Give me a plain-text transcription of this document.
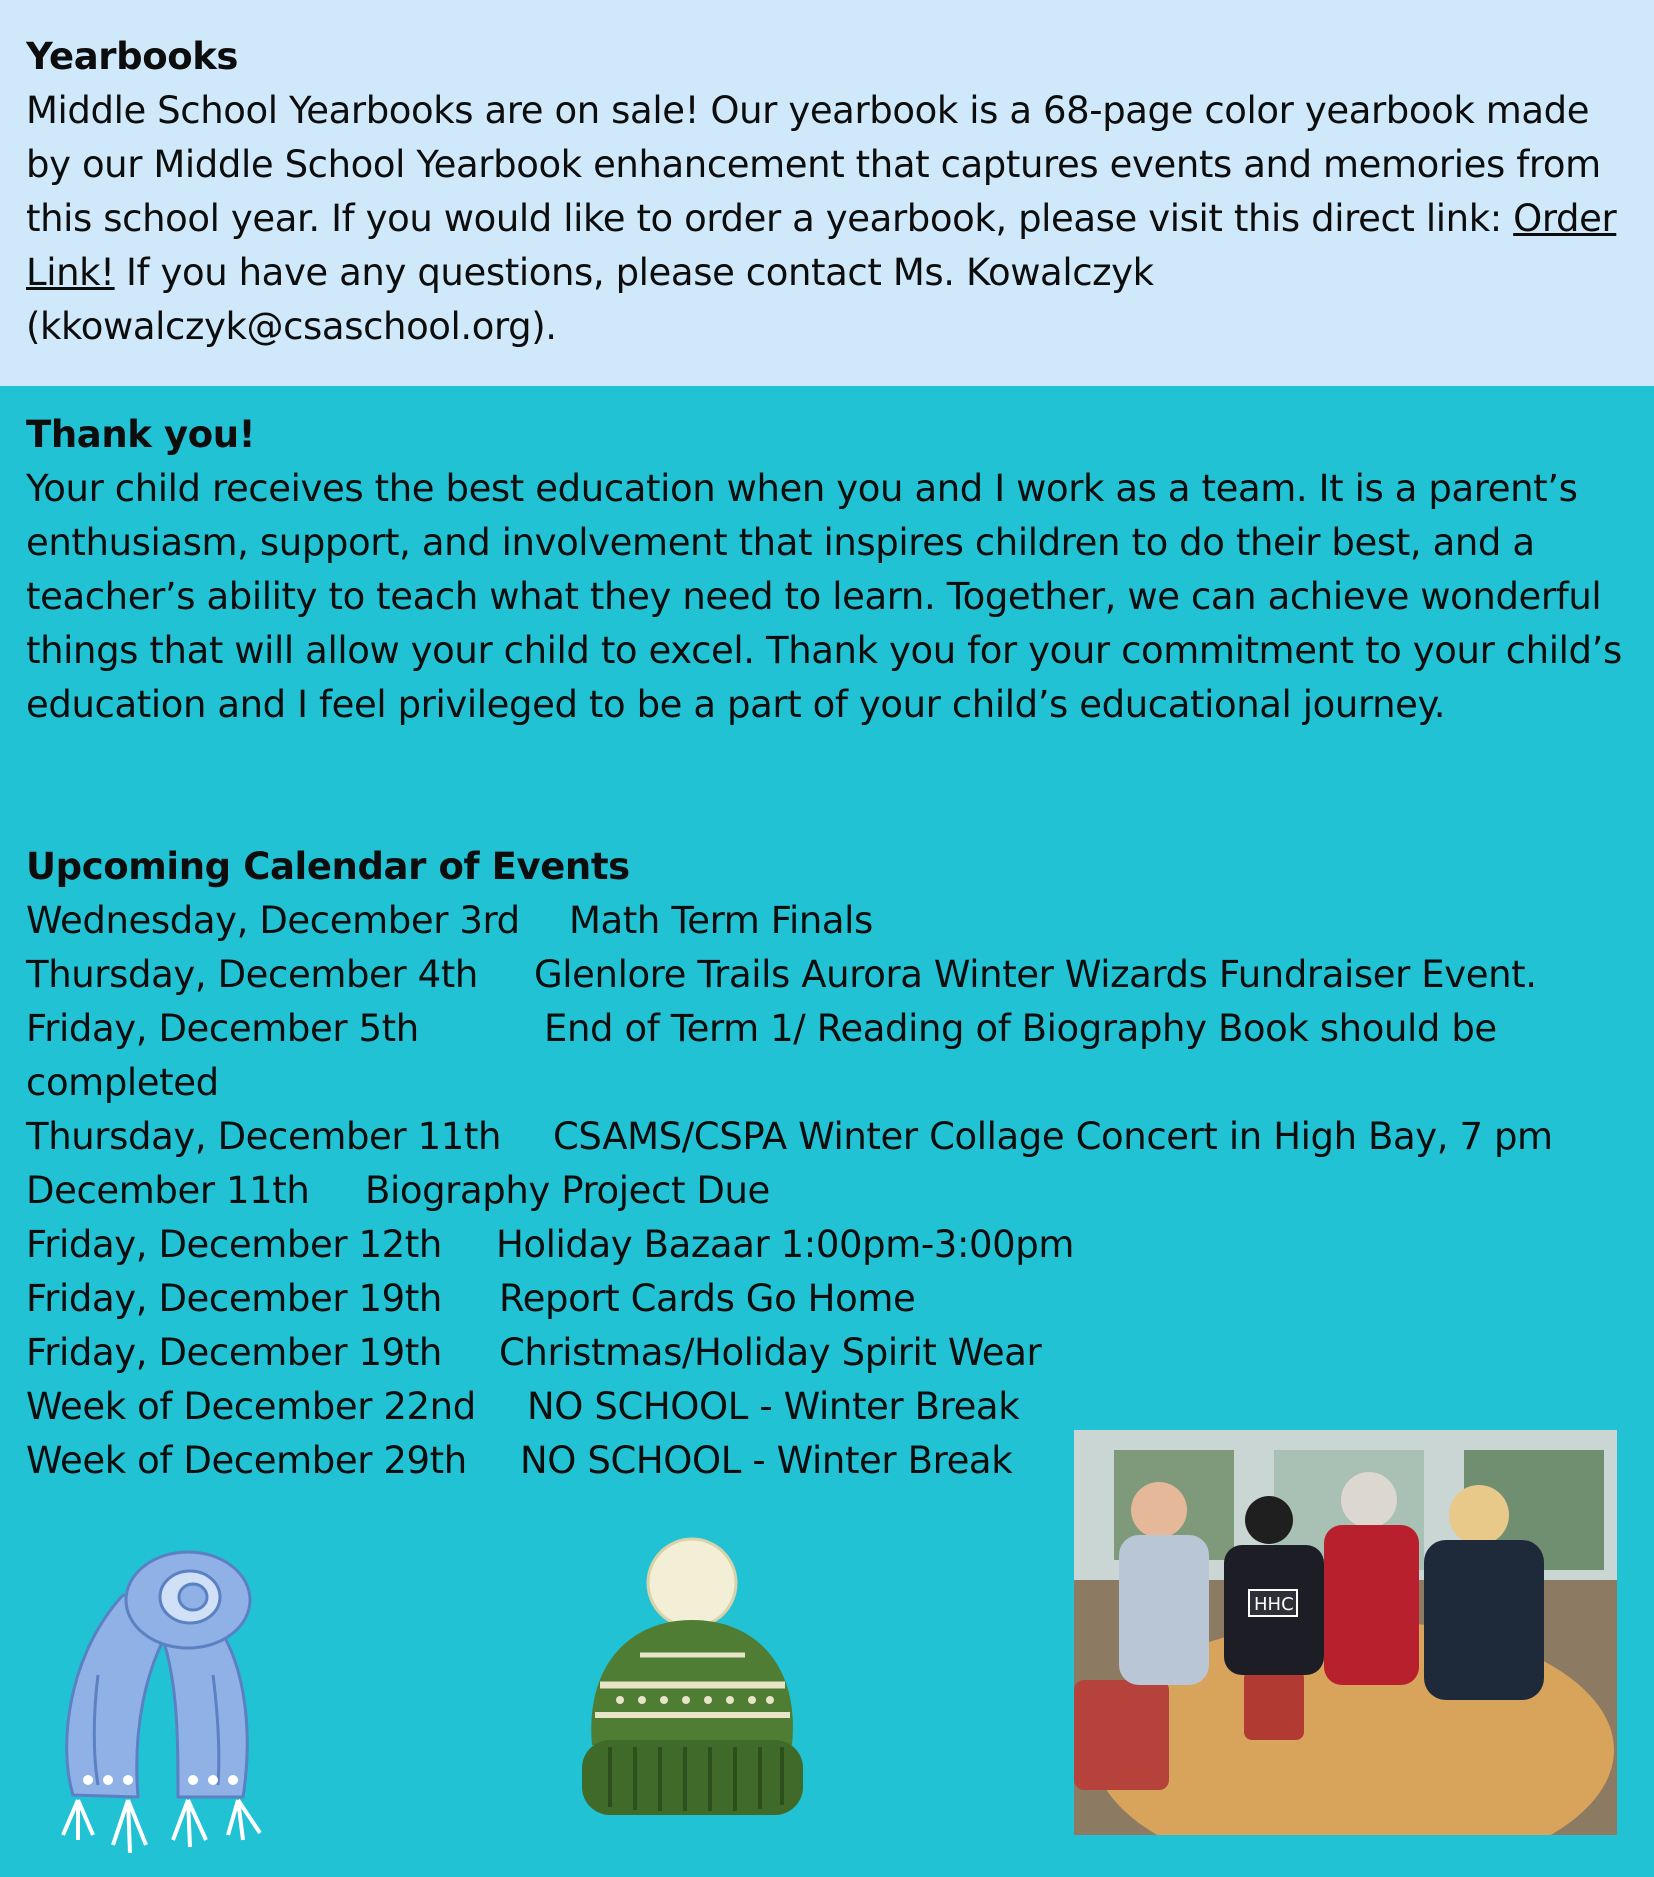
Yearbooks
Middle School Yearbooks are on sale! Our yearbook is a 68-page color yearbook made by our Middle School Yearbook enhancement that captures events and memories from this school year. If you would like to order a yearbook, please visit this direct link: Order Link! If you have any questions, please contact Ms. Kowalczyk (kkowalczyk@csaschool.org).

Thank you!
Your child receives the best education when you and I work as a team. It is a parent’s enthusiasm, support, and involvement that inspires children to do their best, and a teacher’s ability to teach what they need to learn. Together, we can achieve wonderful things that will allow your child to excel. Thank you for your commitment to your child’s education and I feel privileged to be a part of your child’s educational journey.

Upcoming Calendar of Events
Wednesday, December 3rd Math Term Finals
Thursday, December 4th Glenlore Trails Aurora Winter Wizards Fundraiser Event.
Friday, December 5th	End of Term 1/ Reading of Biography Book should be
completed
Thursday, December 11th CSAMS/CSPA Winter Collage Concert in High Bay, 7 pm
December 11th Biography Project Due
Friday, December 12th Holiday Bazaar 1:00pm-3:00pm
Friday, December 19th Report Cards Go Home
Friday, December 19th Christmas/Holiday Spirit Wear
Week of December 22nd NO SCHOOL - Winter Break
Week of December 29th NO SCHOOL - Winter Break
HHC
